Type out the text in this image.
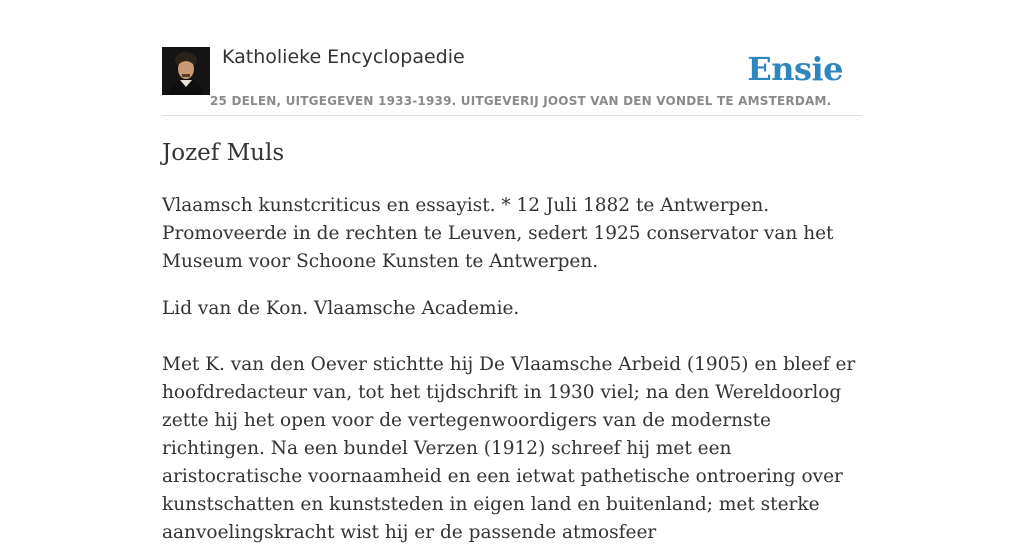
Katholieke Encyclopaedie
25 DELEN, UITGEGEVEN 1933-1939. UITGEVERIJ JOOST VAN DEN VONDEL TE AMSTERDAM.
Ensie
Jozef Muls

Vlaamsch kunstcriticus en essayist. * 12 Juli 1882 te Antwerpen. Promoveerde in de rechten te Leuven, sedert 1925 conservator van het Museum voor Schoone Kunsten te Antwerpen.

Lid van de Kon. Vlaamsche Academie.

Met K. van den Oever stichtte hij De Vlaamsche Arbeid (1905) en bleef er hoofdredacteur van, tot het tijdschrift in 1930 viel; na den Wereldoorlog zette hij het open voor de vertegenwoordigers van de modernste richtingen. Na een bundel Verzen (1912) schreef hij met een aristocratische voornaamheid en een ietwat pathetische ontroering over kunstschatten en kunststeden in eigen land en buitenland; met sterke aanvoelingskracht wist hij er de passende atmosfeer
